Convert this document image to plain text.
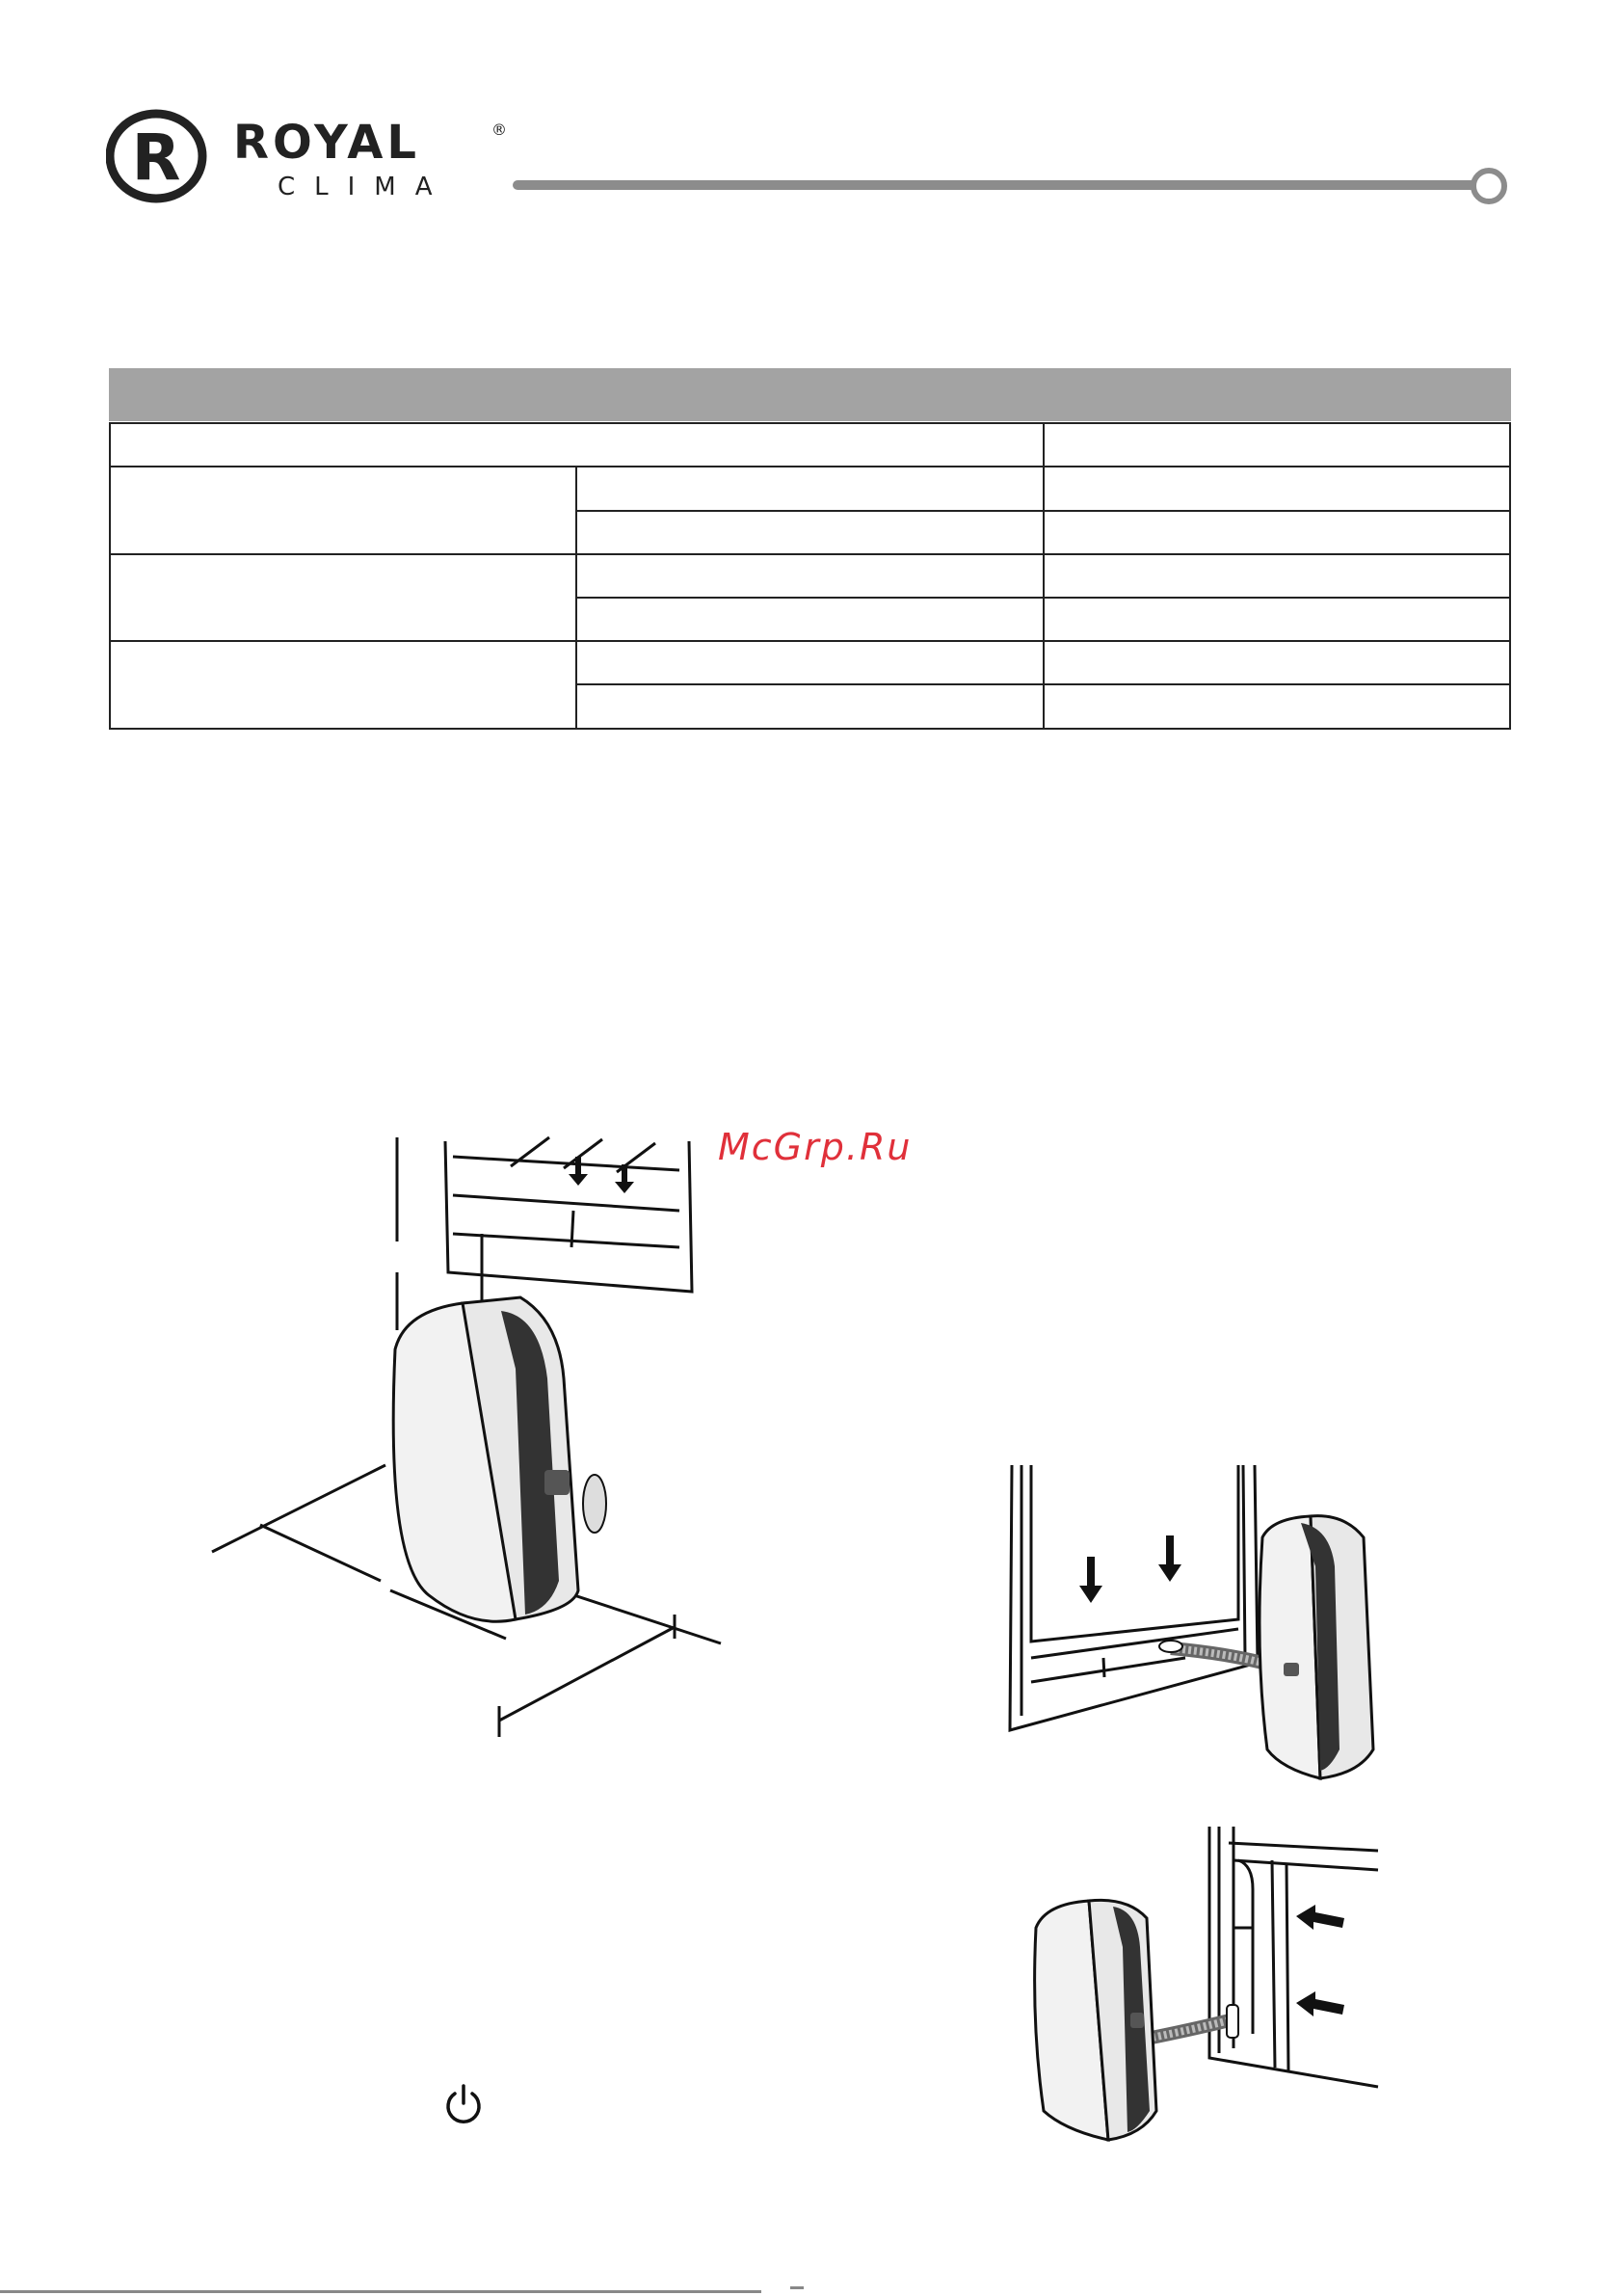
R ROYAL	®
CLIMA
McGrp.Ru
